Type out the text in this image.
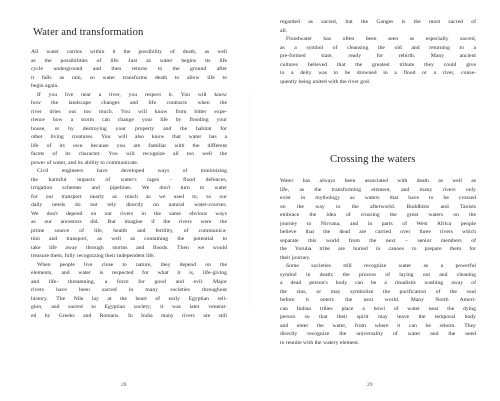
Water and transformation
All water carries within it the possibility of death, as well
as the possibilities of life. Just as water begins its life
cycle underground and then returns to the ground after
it falls as rain, so water transforms death to allow life to
begin again.
If you live near a river, you respect it. You will know
how the landscape changes and life contracts when the
river dries out too much. You will know from bitter expe-
rience how a storm can change your life by flooding your
house, or by destroying your property and the habitat for
other living creatures. You will also know that water has a
life of its own because you are familiar with the different
facets of its character. You will recognize all too well the
power of water, and its ability to communicate.
Civil engineers have developed ways of minimizing
the harmful impacts of water's rages – flood defences,
irrigation schemes and pipelines. We don't turn to water
for our transport nearly as much as we used to, so our
daily needs do not rely directly on natural water-courses.
We don't depend on our rivers in the same obvious ways
as our ancestors did. But imagine if the rivers were the
prime source of life, health and fertility, of communica-
tion and transport, as well as containing the potential to
take life away through storms and floods. Then we would
treasure them, fully recognizing their independent life.
When people live close to nature, they depend on the
elements, and water is respected for what it is, life-giving
and life- threatening, a force for good and evil. Major
rivers have been sacred in many societies throughout
history. The Nile lay at the heart of early Egyptian reli-
gion, and sacred to Egyptian society; it was later venerat-
ed by Greeks and Romans. In India many rivers are still
28
regarded as sacred, but the Ganges is the most sacred of
all.
Floodwater has often been seen as especially sacred,
as a symbol of cleansing the old and returning to a
pre-formed state, ready for rebirth. Many ancient
cultures believed that the greatest tribute they could give
to a deity was to be drowned in a flood or a river, conse-
quently being united with the river god.
Crossing the waters
Water has always been associated with death as well as
life, as the transforming element, and many rivers only
exist in mythology as waters that have to be crossed
on the way to the afterworld. Buddhists and Taoists
embrace the idea of crossing the great waters on the
journey to Nirvana, and in parts of West Africa people
believe that the dead are carried over three rivers which
separate this world from the next – senior members of
the Yoruba tribe are buried in canoes to prepare them for
their journey.
Some societies still recognize water as a powerful
symbol in death; the process of laying out and cleaning
a dead person's body can be a ritualistic washing away of
the sins, or may symbolize the purification of the soul
before it enters the next world. Many North Ameri-
can Indian tribes place a bowl of water near the dying
person so that their spirit may leave the temporal body
and enter the water, from where it can be reborn. They
directly recognize the universality of water and the need
to reunite with the watery element.
29
